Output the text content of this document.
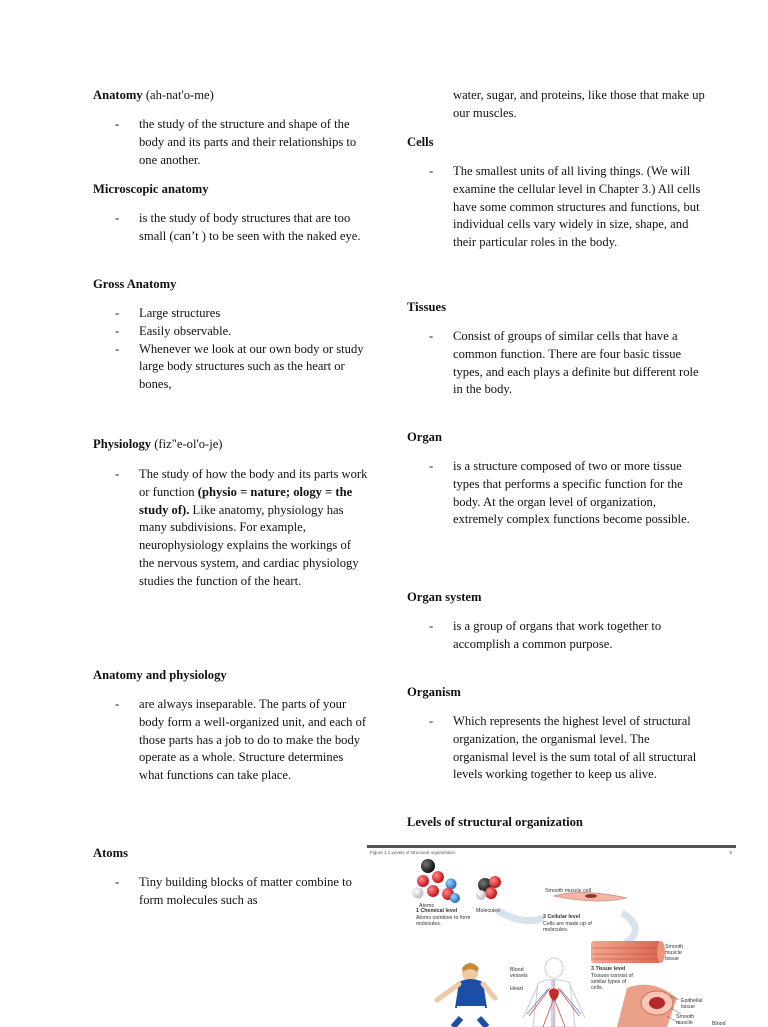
Anatomy (ah-nat'o-me)

- the study of the structure and shape of the body and its parts and their relationships to one another.

Microscopic anatomy

- is the study of body structures that are too small (can’t ) to be seen with the naked eye.

Gross Anatomy

- Large structures
- Easily observable.
- Whenever we look at our own body or study large body structures such as the heart or bones,

Physiology (fiz"e-ol'o-je)

- The study of how the body and its parts work or function (physio = nature; ology = the study of). Like anatomy, physiology has many subdivisions. For example, neurophysiology explains the workings of the nervous system, and cardiac physiology studies the function of the heart.

Anatomy and physiology

- are always inseparable. The parts of your body form a well-organized unit, and each of those parts has a job to do to make the body operate as a whole. Structure determines what functions can take place.

Atoms

- Tiny building blocks of matter combine to form molecules such as
water, sugar, and proteins, like those that make up our muscles.

Cells

- The smallest units of all living things. (We will examine the cellular level in Chapter 3.) All cells have some common structures and functions, but individual cells vary widely in size, shape, and their particular roles in the body.

Tissues

- Consist of groups of similar cells that have a common function. There are four basic tissue types, and each plays a definite but different role in the body.

Organ

- is a structure composed of two or more tissue types that performs a specific function for the body. At the organ level of organization, extremely complex functions become possible.

Organ system

- is a group of organs that work together to accomplish a common purpose.

Organism

- Which represents the highest level of structural organization, the organismal level. The organismal level is the sum total of all structural levels working together to keep us alive.

Levels of structural organization

Figure 1.1 Levels of structural organization.	5
Atoms
Molecules
1 Chemical level
Atoms combine to form molecules.
Smooth muscle cell
2 Cellular level
Cells are made up of molecules.
Smooth muscle tissue
3 Tissue level
Tissues consist of similar types of cells.
Blood vessels
Heart
Epithelial tissue
Smooth muscle	Blood
